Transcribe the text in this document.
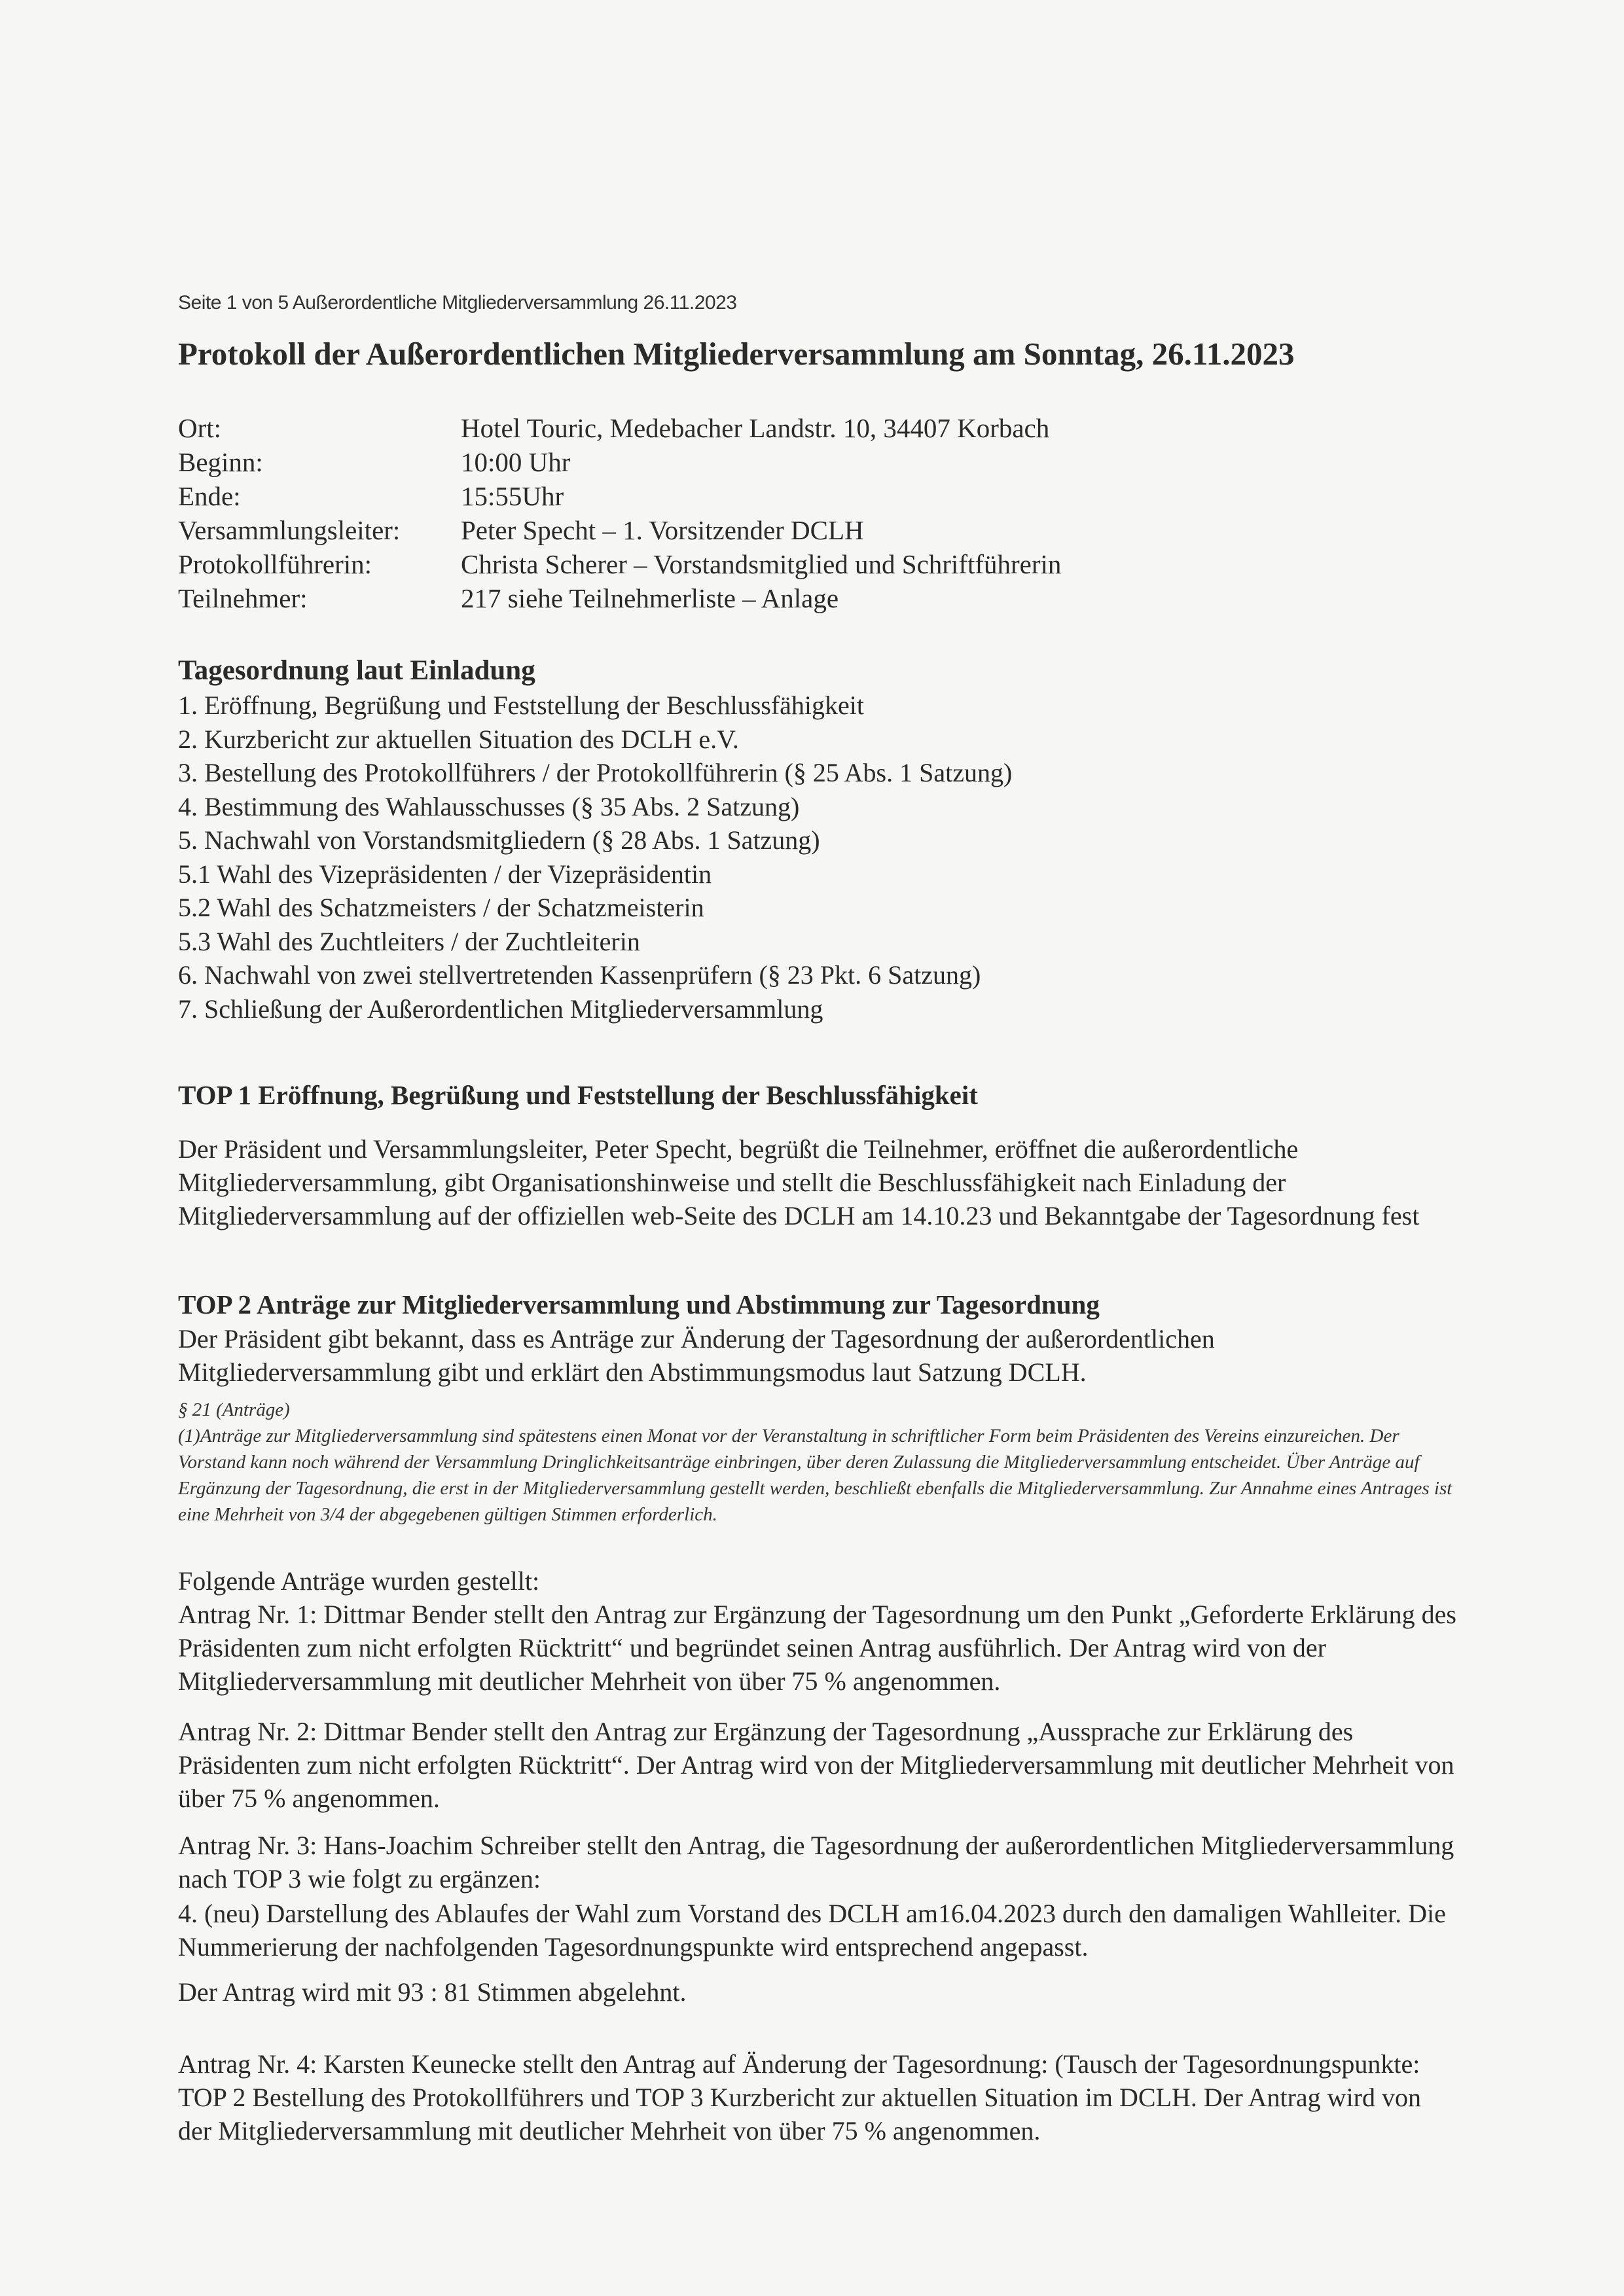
Seite 1 von 5 Außerordentliche Mitgliederversammlung 26.11.2023
Protokoll der Außerordentlichen Mitgliederversammlung am Sonntag, 26.11.2023
Ort:	Hotel Touric, Medebacher Landstr. 10, 34407 Korbach
Beginn:	10:00 Uhr
Ende:	15:55Uhr
Versammlungsleiter:	Peter Specht – 1. Vorsitzender DCLH
Protokollführerin:	Christa Scherer – Vorstandsmitglied und Schriftführerin
Teilnehmer:	217 siehe Teilnehmerliste – Anlage
Tagesordnung laut Einladung
1. Eröffnung, Begrüßung und Feststellung der Beschlussfähigkeit
2. Kurzbericht zur aktuellen Situation des DCLH e.V.
3. Bestellung des Protokollführers / der Protokollführerin (§ 25 Abs. 1 Satzung)
4. Bestimmung des Wahlausschusses (§ 35 Abs. 2 Satzung)
5. Nachwahl von Vorstandsmitgliedern (§ 28 Abs. 1 Satzung)
5.1 Wahl des Vizepräsidenten / der Vizepräsidentin
5.2 Wahl des Schatzmeisters / der Schatzmeisterin
5.3 Wahl des Zuchtleiters / der Zuchtleiterin
6. Nachwahl von zwei stellvertretenden Kassenprüfern (§ 23 Pkt. 6 Satzung)
7. Schließung der Außerordentlichen Mitgliederversammlung
TOP 1 Eröffnung, Begrüßung und Feststellung der Beschlussfähigkeit

Der Präsident und Versammlungsleiter, Peter Specht, begrüßt die Teilnehmer, eröffnet die außerordentliche Mitgliederversammlung, gibt Organisationshinweise und stellt die Beschlussfähigkeit nach Einladung der Mitgliederversammlung auf der offiziellen web-Seite des DCLH am 14.10.23 und Bekanntgabe der Tagesordnung fest

TOP 2 Anträge zur Mitgliederversammlung und Abstimmung zur Tagesordnung

Der Präsident gibt bekannt, dass es Anträge zur Änderung der Tagesordnung der außerordentlichen Mitgliederversammlung gibt und erklärt den Abstimmungsmodus laut Satzung DCLH.

§ 21 (Anträge)

(1)Anträge zur Mitgliederversammlung sind spätestens einen Monat vor der Veranstaltung in schriftlicher Form beim Präsidenten des Vereins einzureichen. Der Vorstand kann noch während der Versammlung Dringlichkeitsanträge einbringen, über deren Zulassung die Mitgliederversammlung entscheidet. Über Anträge auf Ergänzung der Tagesordnung, die erst in der Mitgliederversammlung gestellt werden, beschließt ebenfalls die Mitgliederversammlung. Zur Annahme eines Antrages ist eine Mehrheit von 3/4 der abgegebenen gültigen Stimmen erforderlich.

Folgende Anträge wurden gestellt:

Antrag Nr. 1: Dittmar Bender stellt den Antrag zur Ergänzung der Tagesordnung um den Punkt „Geforderte Erklärung des Präsidenten zum nicht erfolgten Rücktritt“ und begründet seinen Antrag ausführlich. Der Antrag wird von der Mitgliederversammlung mit deutlicher Mehrheit von über 75 % angenommen.

Antrag Nr. 2: Dittmar Bender stellt den Antrag zur Ergänzung der Tagesordnung „Aussprache zur Erklärung des Präsidenten zum nicht erfolgten Rücktritt“. Der Antrag wird von der Mitgliederversammlung mit deutlicher Mehrheit von über 75 % angenommen.

Antrag Nr. 3: Hans-Joachim Schreiber stellt den Antrag, die Tagesordnung der außerordentlichen Mitgliederversammlung nach TOP 3 wie folgt zu ergänzen:

4. (neu) Darstellung des Ablaufes der Wahl zum Vorstand des DCLH am16.04.2023 durch den damaligen Wahlleiter. Die Nummerierung der nachfolgenden Tagesordnungspunkte wird entsprechend angepasst.

Der Antrag wird mit 93 : 81 Stimmen abgelehnt.

Antrag Nr. 4: Karsten Keunecke stellt den Antrag auf Änderung der Tagesordnung: (Tausch der Tagesordnungspunkte: TOP 2 Bestellung des Protokollführers und TOP 3 Kurzbericht zur aktuellen Situation im DCLH. Der Antrag wird von der Mitgliederversammlung mit deutlicher Mehrheit von über 75 % angenommen.
